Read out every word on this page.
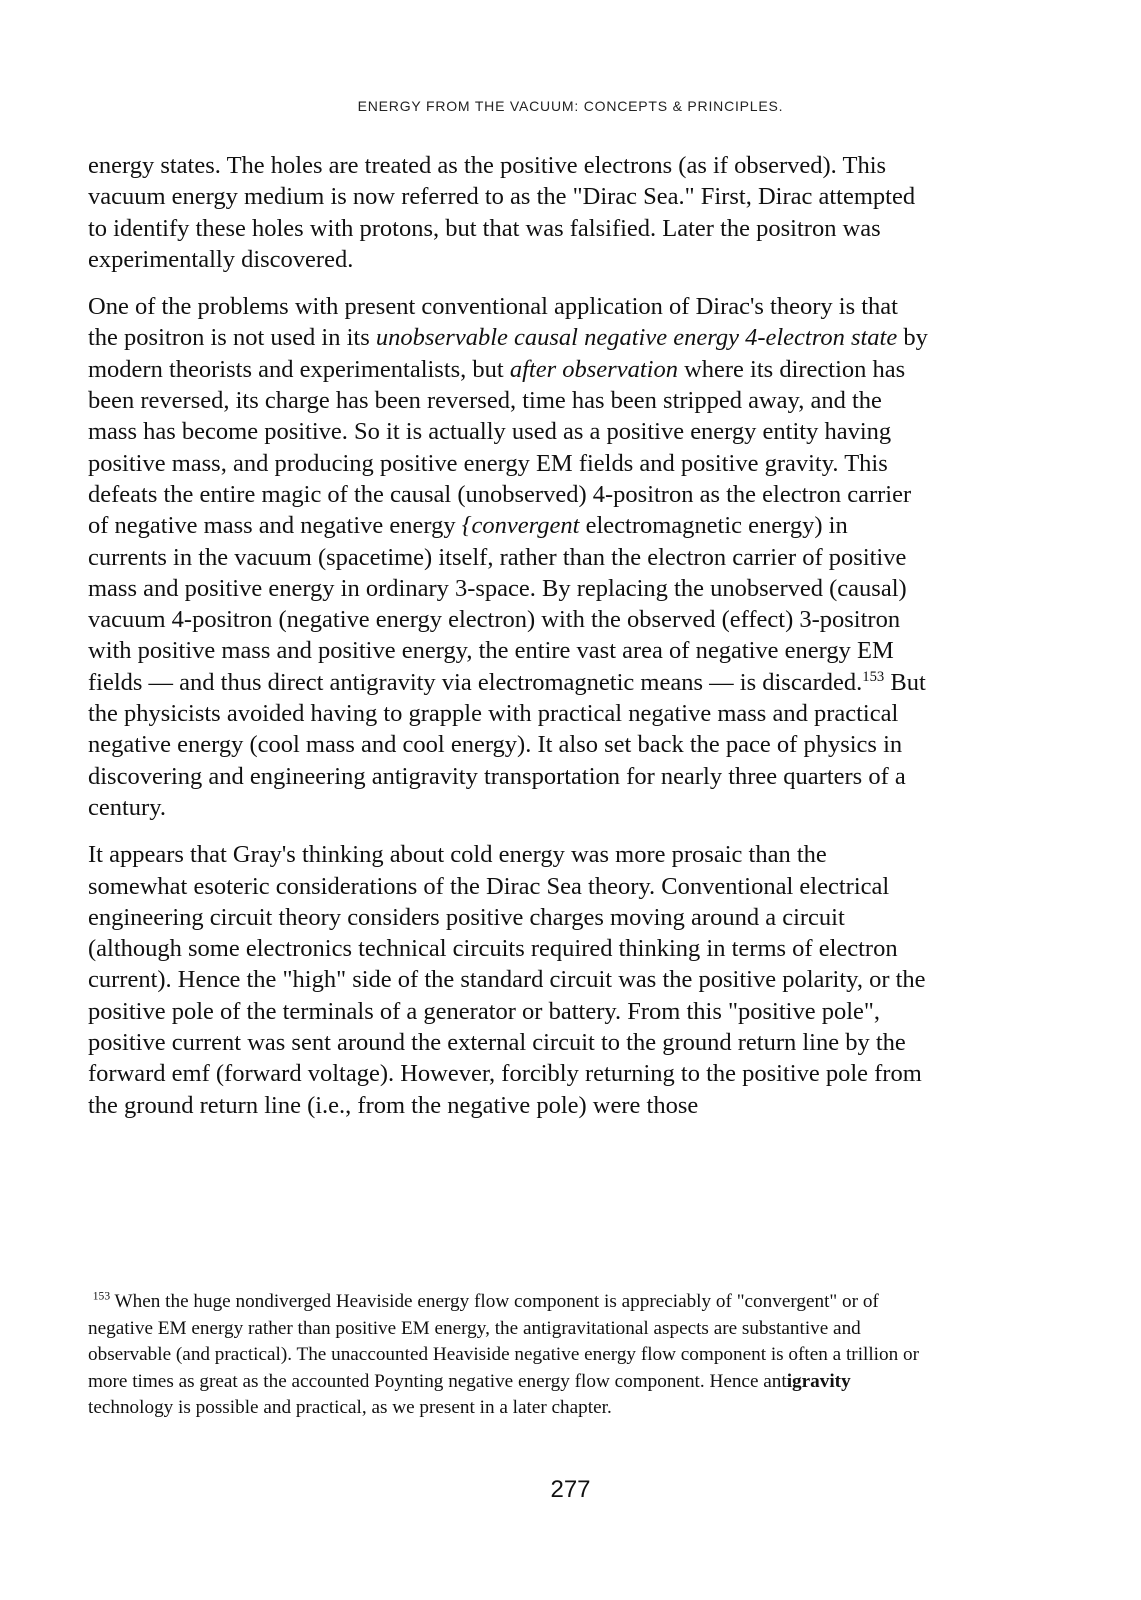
ENERGY FROM THE VACUUM: CONCEPTS & PRINCIPLES.

energy states. The holes are treated as the positive electrons (as if observed). This vacuum energy medium is now referred to as the "Dirac Sea." First, Dirac attempted to identify these holes with protons, but that was falsified. Later the positron was experimentally discovered.

One of the problems with present conventional application of Dirac's theory is that the positron is not used in its unobservable causal negative energy 4-electron state by modern theorists and experimentalists, but after observation where its direction has been reversed, its charge has been reversed, time has been stripped away, and the mass has become positive. So it is actually used as a positive energy entity having positive mass, and producing positive energy EM fields and positive gravity. This defeats the entire magic of the causal (unobserved) 4-positron as the electron carrier of negative mass and negative energy {convergent electromagnetic energy) in currents in the vacuum (spacetime) itself, rather than the electron carrier of positive mass and positive energy in ordinary 3-space. By replacing the unobserved (causal) vacuum 4-positron (negative energy electron) with the observed (effect) 3-positron with positive mass and positive energy, the entire vast area of negative energy EM fields — and thus direct antigravity via electromagnetic means — is discarded.$^{153}$ But the physicists avoided having to grapple with practical negative mass and practical negative energy (cool mass and cool energy). It also set back the pace of physics in discovering and engineering antigravity transportation for nearly three quarters of a century.

It appears that Gray's thinking about cold energy was more prosaic than the somewhat esoteric considerations of the Dirac Sea theory. Conventional electrical engineering circuit theory considers positive charges moving around a circuit (although some electronics technical circuits required thinking in terms of electron current). Hence the "high" side of the standard circuit was the positive polarity, or the positive pole of the terminals of a generator or battery. From this "positive pole", positive current was sent around the external circuit to the ground return line by the forward emf (forward voltage). However, forcibly returning to the positive pole from the ground return line (i.e., from the negative pole) were those

$^{153}$ When the huge nondiverged Heaviside energy flow component is appreciably of "convergent" or of negative EM energy rather than positive EM energy, the antigravitational aspects are substantive and observable (and practical). The unaccounted Heaviside negative energy flow component is often a trillion or more times as great as the accounted Poynting negative energy flow component. Hence antigravity technology is possible and practical, as we present in a later chapter.

277
